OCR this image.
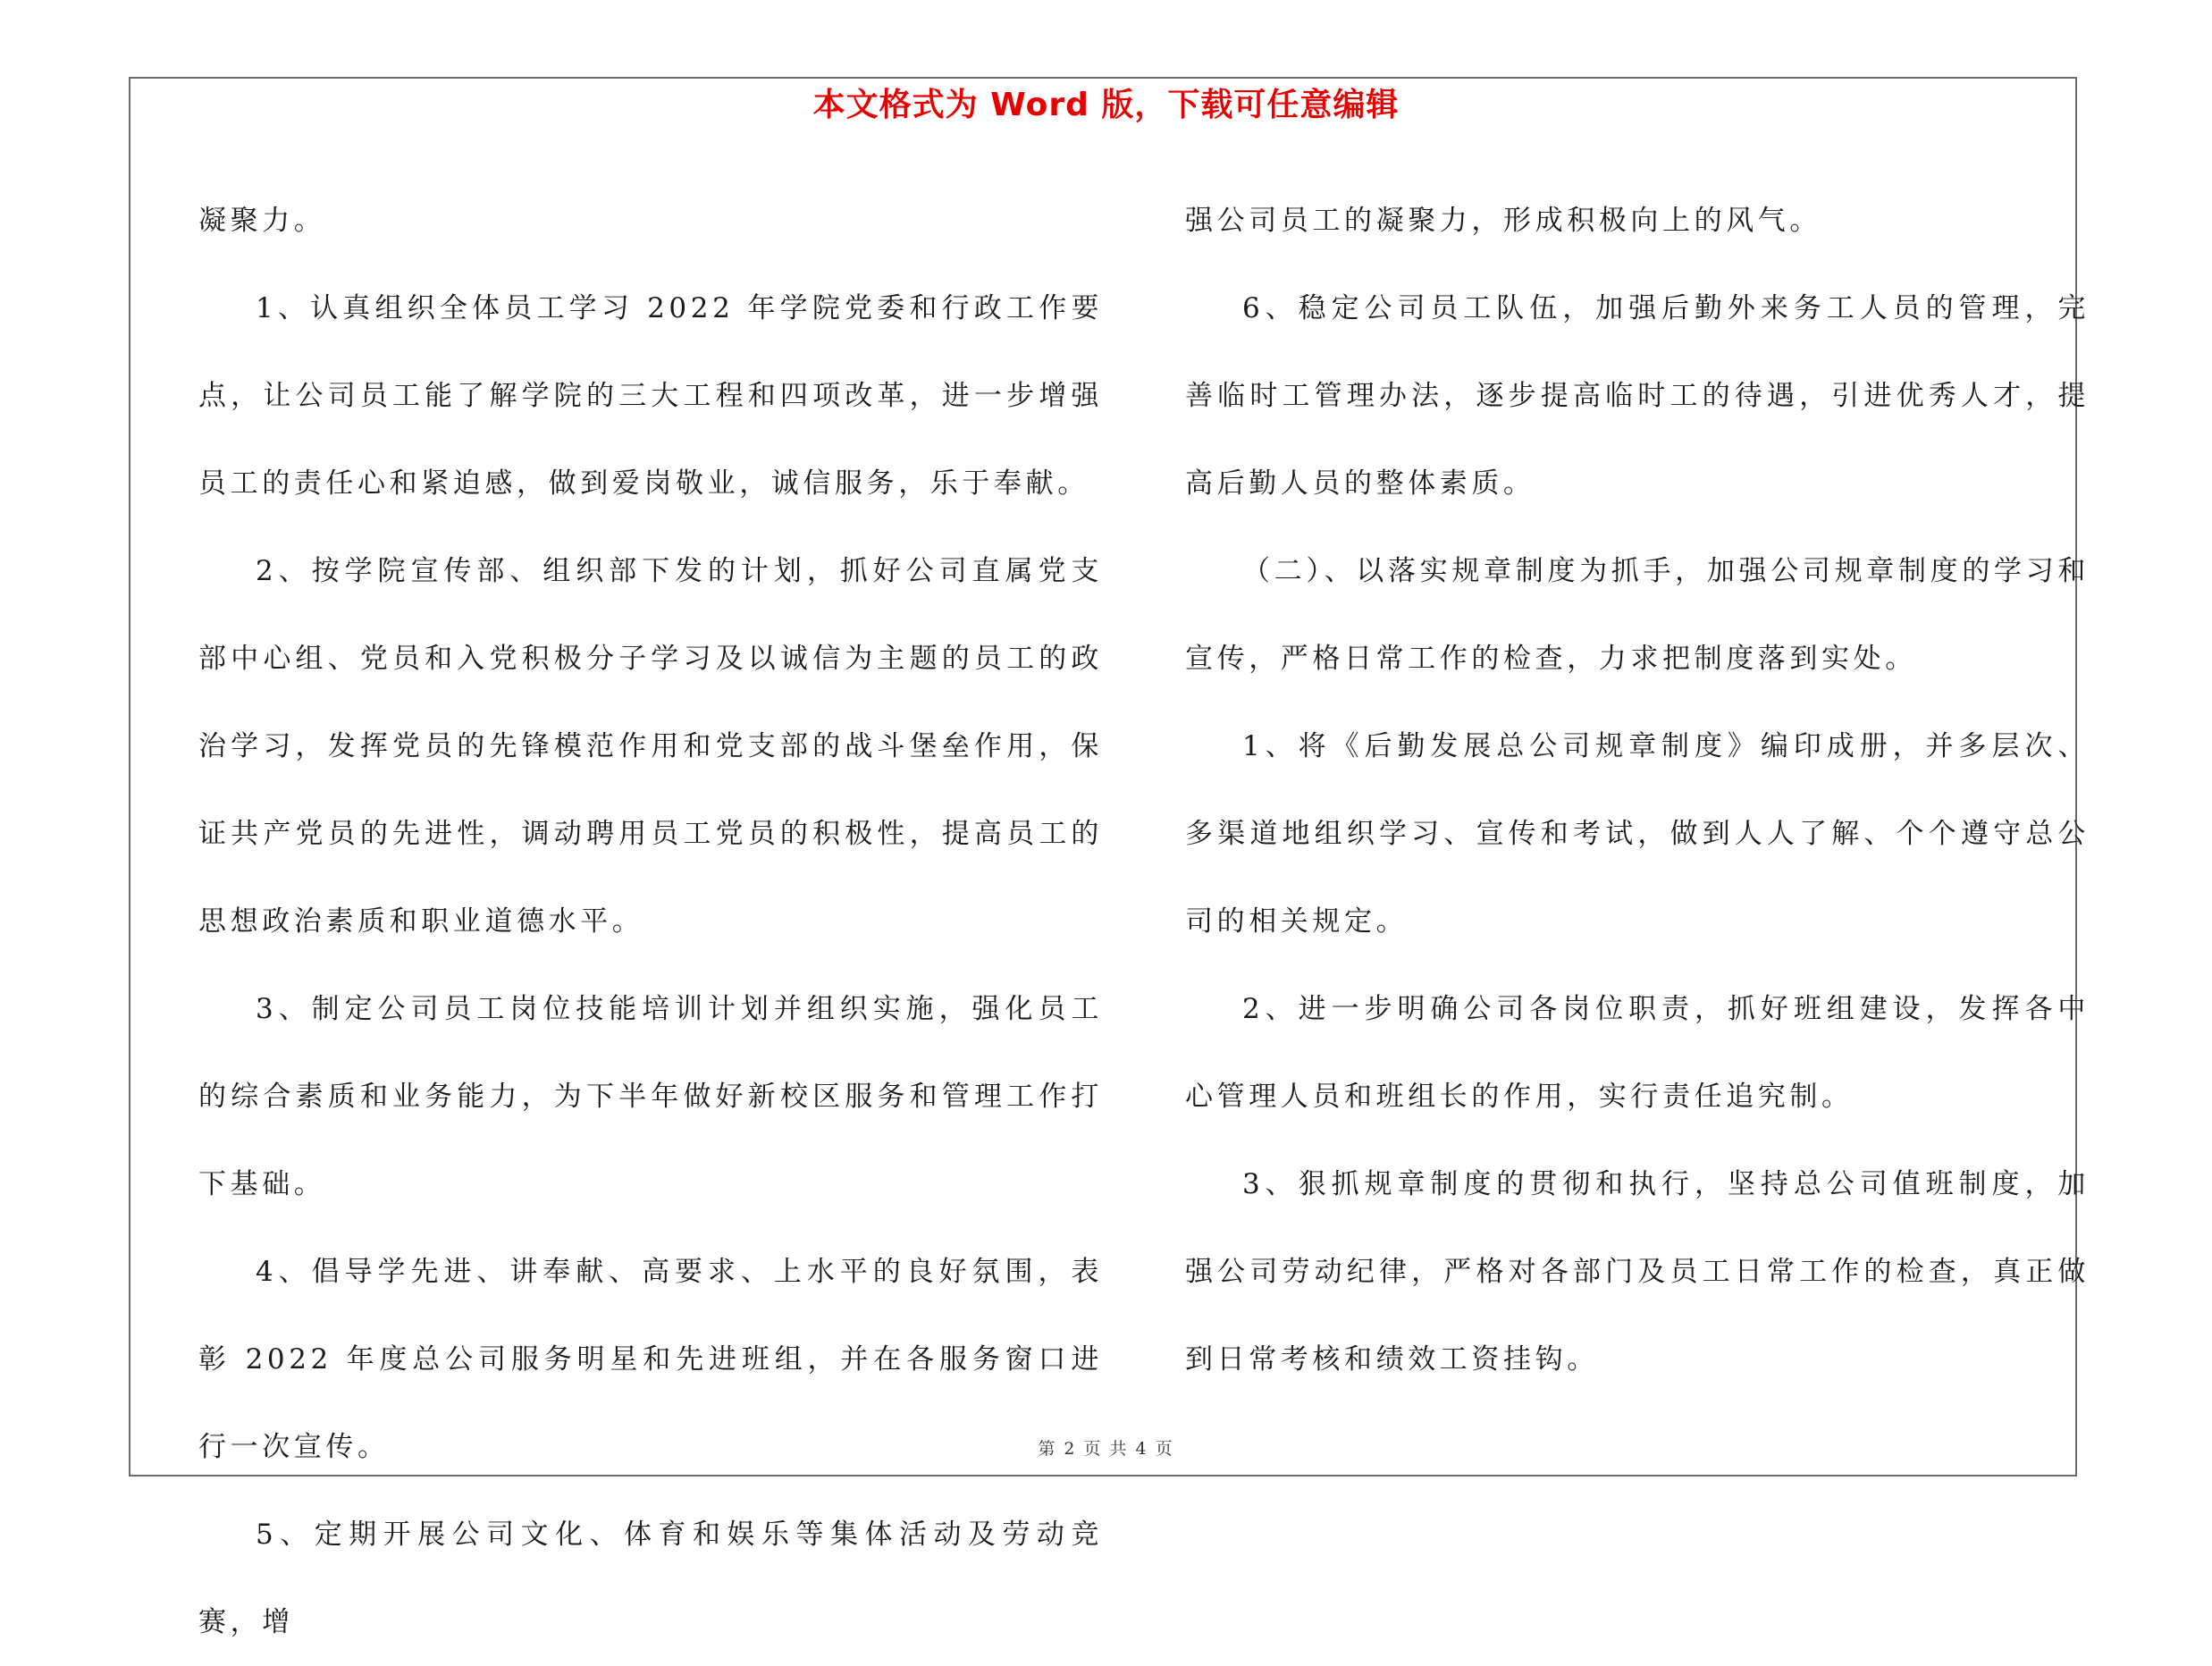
本文格式为 Word 版，下载可任意编辑

凝聚力。

1、认真组织全体员工学习 2022 年学院党委和行政工作要点，让公司员工能了解学院的三大工程和四项改革，进一步增强员工的责任心和紧迫感，做到爱岗敬业，诚信服务，乐于奉献。

2、按学院宣传部、组织部下发的计划，抓好公司直属党支部中心组、党员和入党积极分子学习及以诚信为主题的员工的政治学习，发挥党员的先锋模范作用和党支部的战斗堡垒作用，保证共产党员的先进性，调动聘用员工党员的积极性，提高员工的思想政治素质和职业道德水平。

3、制定公司员工岗位技能培训计划并组织实施，强化员工的综合素质和业务能力，为下半年做好新校区服务和管理工作打下基础。

4、倡导学先进、讲奉献、高要求、上水平的良好氛围，表彰 2022 年度总公司服务明星和先进班组，并在各服务窗口进行一次宣传。

5、定期开展公司文化、体育和娱乐等集体活动及劳动竞赛，增

强公司员工的凝聚力，形成积极向上的风气。

6、稳定公司员工队伍，加强后勤外来务工人员的管理，完善临时工管理办法，逐步提高临时工的待遇，引进优秀人才，提高后勤人员的整体素质。

（二）、以落实规章制度为抓手，加强公司规章制度的学习和宣传，严格日常工作的检查，力求把制度落到实处。

1、将《后勤发展总公司规章制度》编印成册，并多层次、多渠道地组织学习、宣传和考试，做到人人了解、个个遵守总公司的相关规定。

2、进一步明确公司各岗位职责，抓好班组建设，发挥各中心管理人员和班组长的作用，实行责任追究制。

3、狠抓规章制度的贯彻和执行，坚持总公司值班制度，加强公司劳动纪律，严格对各部门及员工日常工作的检查，真正做到日常考核和绩效工资挂钩。

第 2 页 共 4 页
